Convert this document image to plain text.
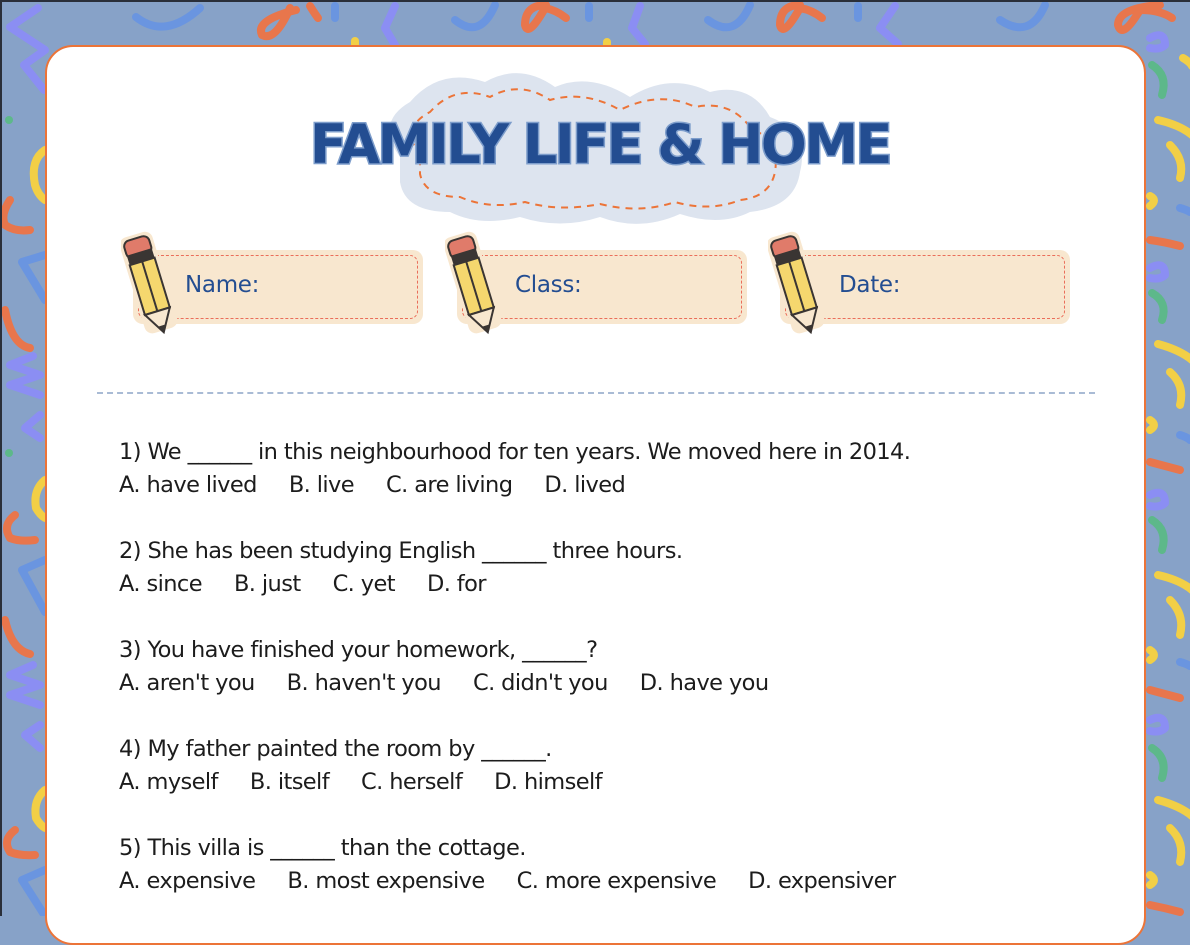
FAMILY LIFE & HOME
Name:	Class:	Date:
1) We ______ in this neighbourhood for ten years. We moved here in 2014.
A. have lived B. live C. are living D. lived
2) She has been studying English ______ three hours.
A. since B. just C. yet D. for
3) You have finished your homework, ______?
A. aren't you B. haven't you C. didn't you D. have you
4) My father painted the room by ______.
A. myself B. itself C. herself D. himself
5) This villa is ______ than the cottage.
A. expensive B. most expensive C. more expensive D. expensiver
